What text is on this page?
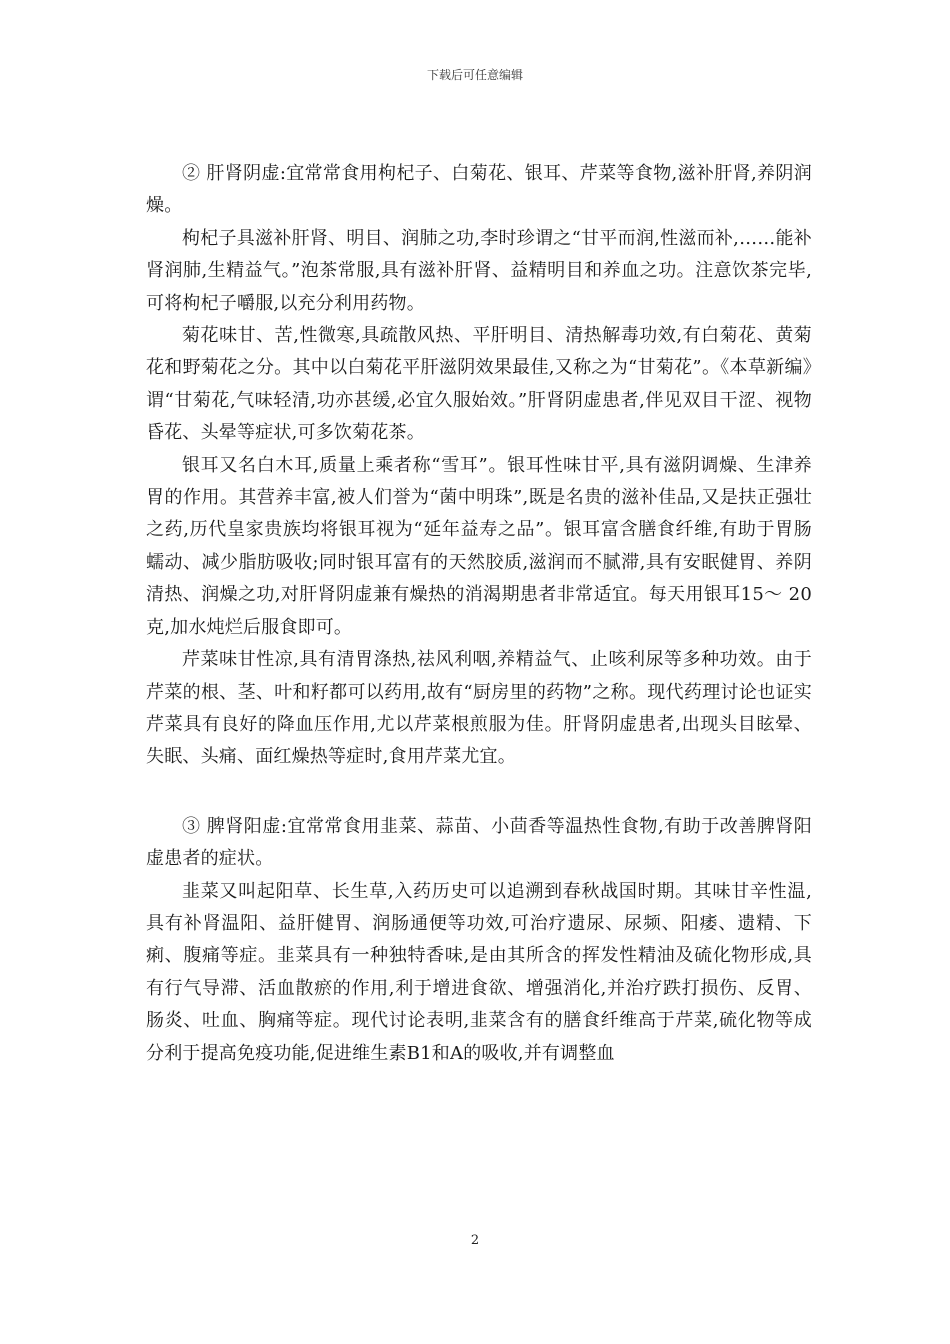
下载后可任意编辑

② 肝肾阴虚:宜常常食用枸杞子、白菊花、银耳、芹菜等食物,滋补肝肾,养阴润燥。

枸杞子具滋补肝肾、明目、润肺之功,李时珍谓之“甘平而润,性滋而补,……能补肾润肺,生精益气。”泡茶常服,具有滋补肝肾、益精明目和养血之功。注意饮茶完毕,可将枸杞子嚼服,以充分利用药物。

菊花味甘、苦,性微寒,具疏散风热、平肝明目、清热解毒功效,有白菊花、黄菊花和野菊花之分。其中以白菊花平肝滋阴效果最佳,又称之为“甘菊花”。《本草新编》谓“甘菊花,气味轻清,功亦甚缓,必宜久服始效。”肝肾阴虚患者,伴见双目干涩、视物昏花、头晕等症状,可多饮菊花茶。

银耳又名白木耳,质量上乘者称“雪耳”。银耳性味甘平,具有滋阴调燥、生津养胃的作用。其营养丰富,被人们誉为“菌中明珠”,既是名贵的滋补佳品,又是扶正强壮之药,历代皇家贵族均将银耳视为“延年益寿之品”。银耳富含膳食纤维,有助于胃肠蠕动、减少脂肪吸收;同时银耳富有的天然胶质,滋润而不腻滞,具有安眠健胃、养阴清热、润燥之功,对肝肾阴虚兼有燥热的消渴期患者非常适宜。每天用银耳15～ 20克,加水炖烂后服食即可。

芹菜味甘性凉,具有清胃涤热,祛风利咽,养精益气、止咳利尿等多种功效。由于芹菜的根、茎、叶和籽都可以药用,故有“厨房里的药物”之称。现代药理讨论也证实芹菜具有良好的降血压作用,尤以芹菜根煎服为佳。肝肾阴虚患者,出现头目眩晕、失眠、头痛、面红燥热等症时,食用芹菜尤宜。

③ 脾肾阳虚:宜常常食用韭菜、蒜苗、小茴香等温热性食物,有助于改善脾肾阳虚患者的症状。

韭菜又叫起阳草、长生草,入药历史可以追溯到春秋战国时期。其味甘辛性温,具有补肾温阳、益肝健胃、润肠通便等功效,可治疗遗尿、尿频、阳痿、遗精、下痢、腹痛等症。韭菜具有一种独特香味,是由其所含的挥发性精油及硫化物形成,具有行气导滞、活血散瘀的作用,利于增进食欲、增强消化,并治疗跌打损伤、反胃、肠炎、吐血、胸痛等症。现代讨论表明,韭菜含有的膳食纤维高于芹菜,硫化物等成分利于提高免疫功能,促进维生素B1和A的吸收,并有调整血

2
